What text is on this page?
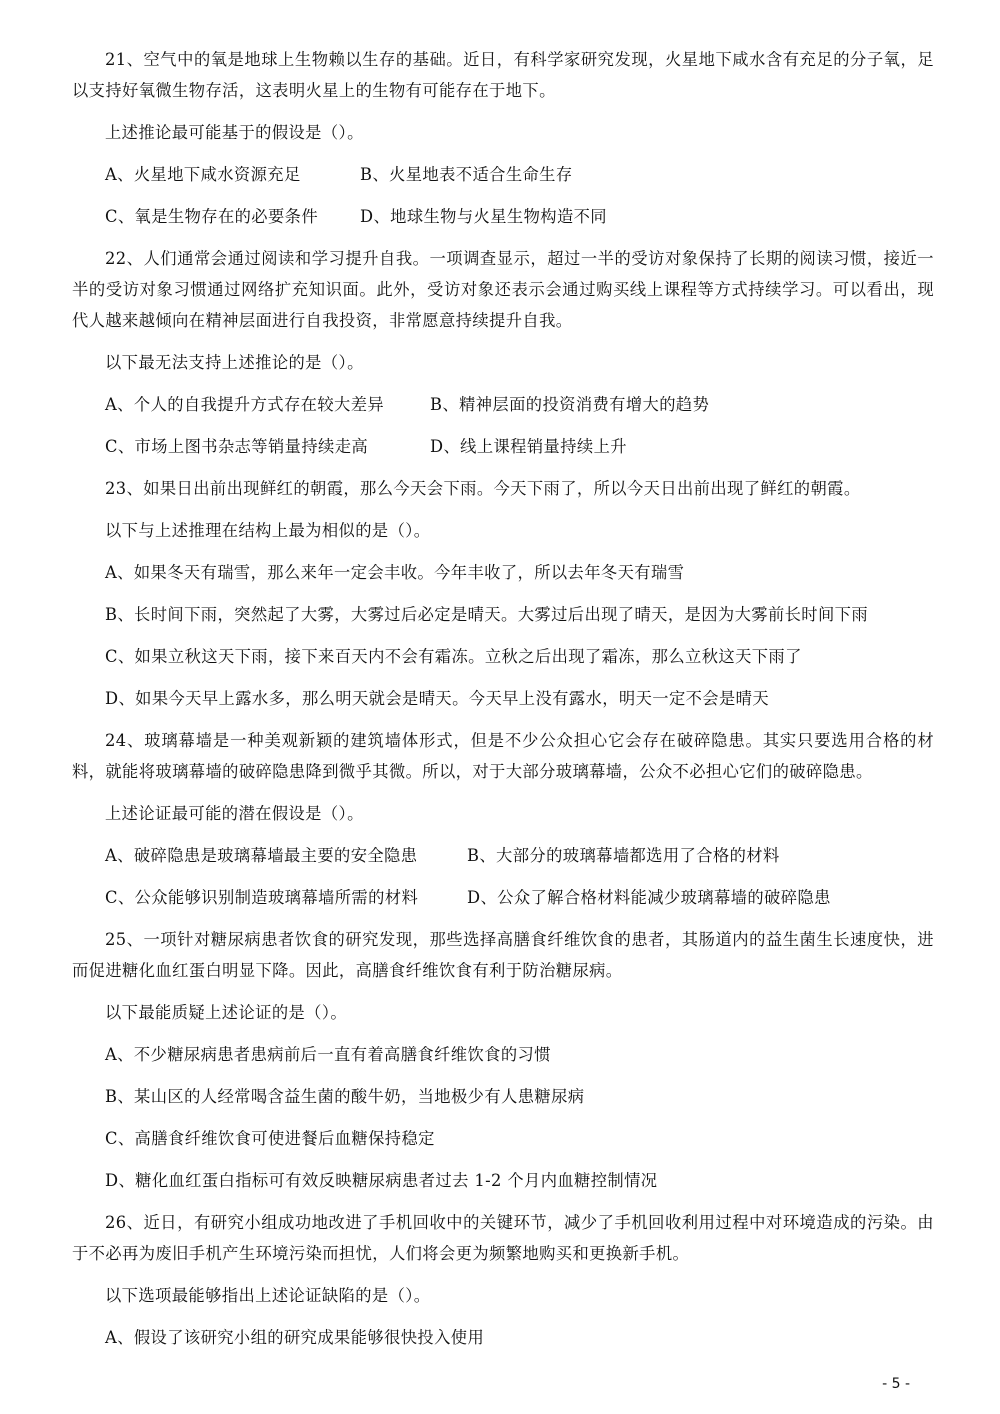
21、空气中的氧是地球上生物赖以生存的基础。近日，有科学家研究发现，火星地下咸水含有充足的分子氧，足以支持好氧微生物存活，这表明火星上的生物有可能存在于地下。

上述推论最可能基于的假设是（）。

A、火星地下咸水资源充足	B、火星地表不适合生命生存
C、氧是生物存在的必要条件	D、地球生物与火星生物构造不同

22、人们通常会通过阅读和学习提升自我。一项调查显示，超过一半的受访对象保持了长期的阅读习惯，接近一半的受访对象习惯通过网络扩充知识面。此外，受访对象还表示会通过购买线上课程等方式持续学习。可以看出，现代人越来越倾向在精神层面进行自我投资，非常愿意持续提升自我。

以下最无法支持上述推论的是（）。

A、个人的自我提升方式存在较大差异	B、精神层面的投资消费有增大的趋势
C、市场上图书杂志等销量持续走高	D、线上课程销量持续上升

23、如果日出前出现鲜红的朝霞，那么今天会下雨。今天下雨了，所以今天日出前出现了鲜红的朝霞。

以下与上述推理在结构上最为相似的是（）。

A、如果冬天有瑞雪，那么来年一定会丰收。今年丰收了，所以去年冬天有瑞雪

B、长时间下雨，突然起了大雾，大雾过后必定是晴天。大雾过后出现了晴天，是因为大雾前长时间下雨

C、如果立秋这天下雨，接下来百天内不会有霜冻。立秋之后出现了霜冻，那么立秋这天下雨了

D、如果今天早上露水多，那么明天就会是晴天。今天早上没有露水，明天一定不会是晴天

24、玻璃幕墙是一种美观新颖的建筑墙体形式，但是不少公众担心它会存在破碎隐患。其实只要选用合格的材料，就能将玻璃幕墙的破碎隐患降到微乎其微。所以，对于大部分玻璃幕墙，公众不必担心它们的破碎隐患。

上述论证最可能的潜在假设是（）。

A、破碎隐患是玻璃幕墙最主要的安全隐患	B、大部分的玻璃幕墙都选用了合格的材料
C、公众能够识别制造玻璃幕墙所需的材料	D、公众了解合格材料能减少玻璃幕墙的破碎隐患

25、一项针对糖尿病患者饮食的研究发现，那些选择高膳食纤维饮食的患者，其肠道内的益生菌生长速度快，进而促进糖化血红蛋白明显下降。因此，高膳食纤维饮食有利于防治糖尿病。

以下最能质疑上述论证的是（）。

A、不少糖尿病患者患病前后一直有着高膳食纤维饮食的习惯

B、某山区的人经常喝含益生菌的酸牛奶，当地极少有人患糖尿病

C、高膳食纤维饮食可使进餐后血糖保持稳定

D、糖化血红蛋白指标可有效反映糖尿病患者过去 1-2 个月内血糖控制情况

26、近日，有研究小组成功地改进了手机回收中的关键环节，减少了手机回收利用过程中对环境造成的污染。由于不必再为废旧手机产生环境污染而担忧，人们将会更为频繁地购买和更换新手机。

以下选项最能够指出上述论证缺陷的是（）。

A、假设了该研究小组的研究成果能够很快投入使用

- 5 -
